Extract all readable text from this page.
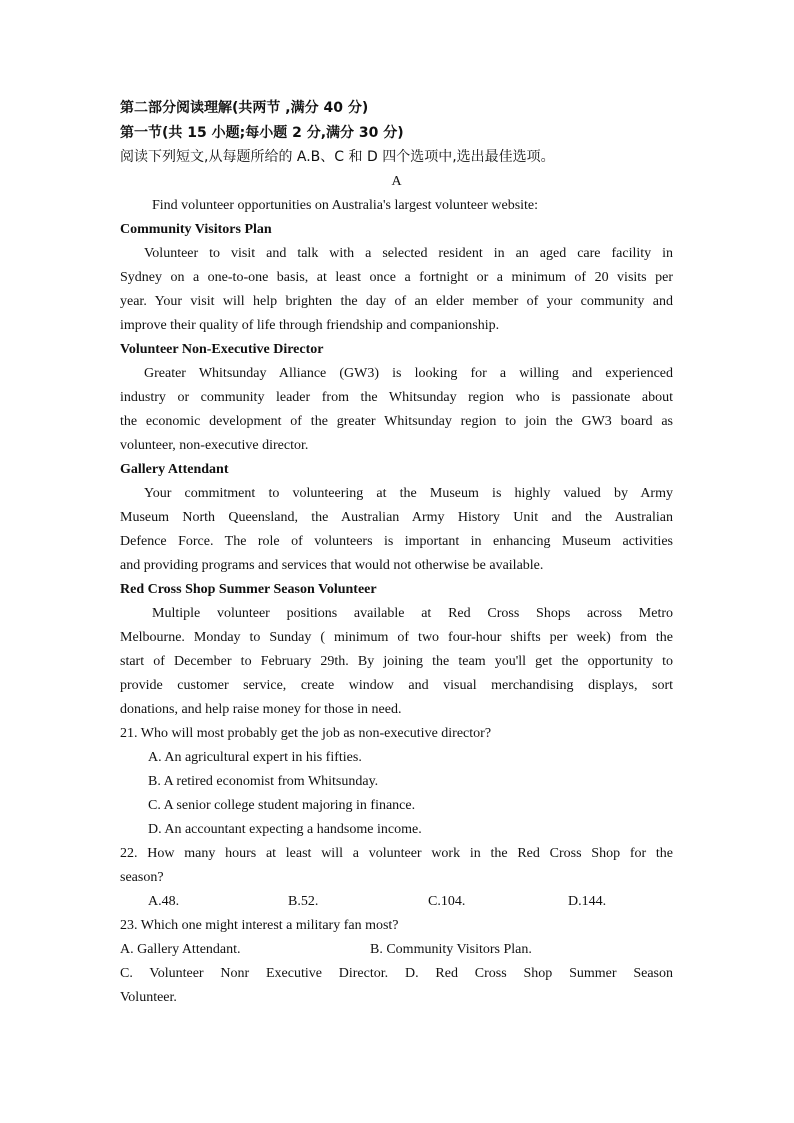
第二部分阅读理解(共两节 ,满分 40 分)
第一节(共 15 小题;每小题 2 分,满分 30 分)
阅读下列短文,从每题所给的 A.B、C 和 D 四个选项中,选出最佳选项。
A
Find volunteer opportunities on Australia's largest volunteer website:
Community Visitors Plan
Volunteer to visit and talk with a selected resident in an aged care facility in
Sydney on a one-to-one basis, at least once a fortnight or a minimum of 20 visits per
year. Your visit will help brighten the day of an elder member of your community and
improve their quality of life through friendship and companionship.
Volunteer Non-Executive Director
Greater Whitsunday Alliance (GW3) is looking for a willing and experienced
industry or community leader from the Whitsunday region who is passionate about
the economic development of the greater Whitsunday region to join the GW3 board as
volunteer, non-executive director.
Gallery Attendant
Your commitment to volunteering at the Museum is highly valued by Army
Museum North Queensland, the Australian Army History Unit and the Australian
Defence Force. The role of volunteers is important in enhancing Museum activities
and providing programs and services that would not otherwise be available.
Red Cross Shop Summer Season Volunteer
Multiple volunteer positions available at Red Cross Shops across Metro
Melbourne. Monday to Sunday ( minimum of two four-hour shifts per week) from the
start of December to February 29th. By joining the team you'll get the opportunity to
provide customer service, create window and visual merchandising displays, sort
donations, and help raise money for those in need.
21. Who will most probably get the job as non-executive director?
A. An agricultural expert in his fifties.
B. A retired economist from Whitsunday.
C. A senior college student majoring in finance.
D. An accountant expecting a handsome income.
22. How many hours at least will a volunteer work in the Red Cross Shop for the
season?
A.48.	B.52.	C.104.	D.144.
23. Which one might interest a military fan most?
A. Gallery Attendant.	B. Community Visitors Plan.
C. Volunteer Nonr Executive Director. D. Red Cross Shop Summer Season
Volunteer.
